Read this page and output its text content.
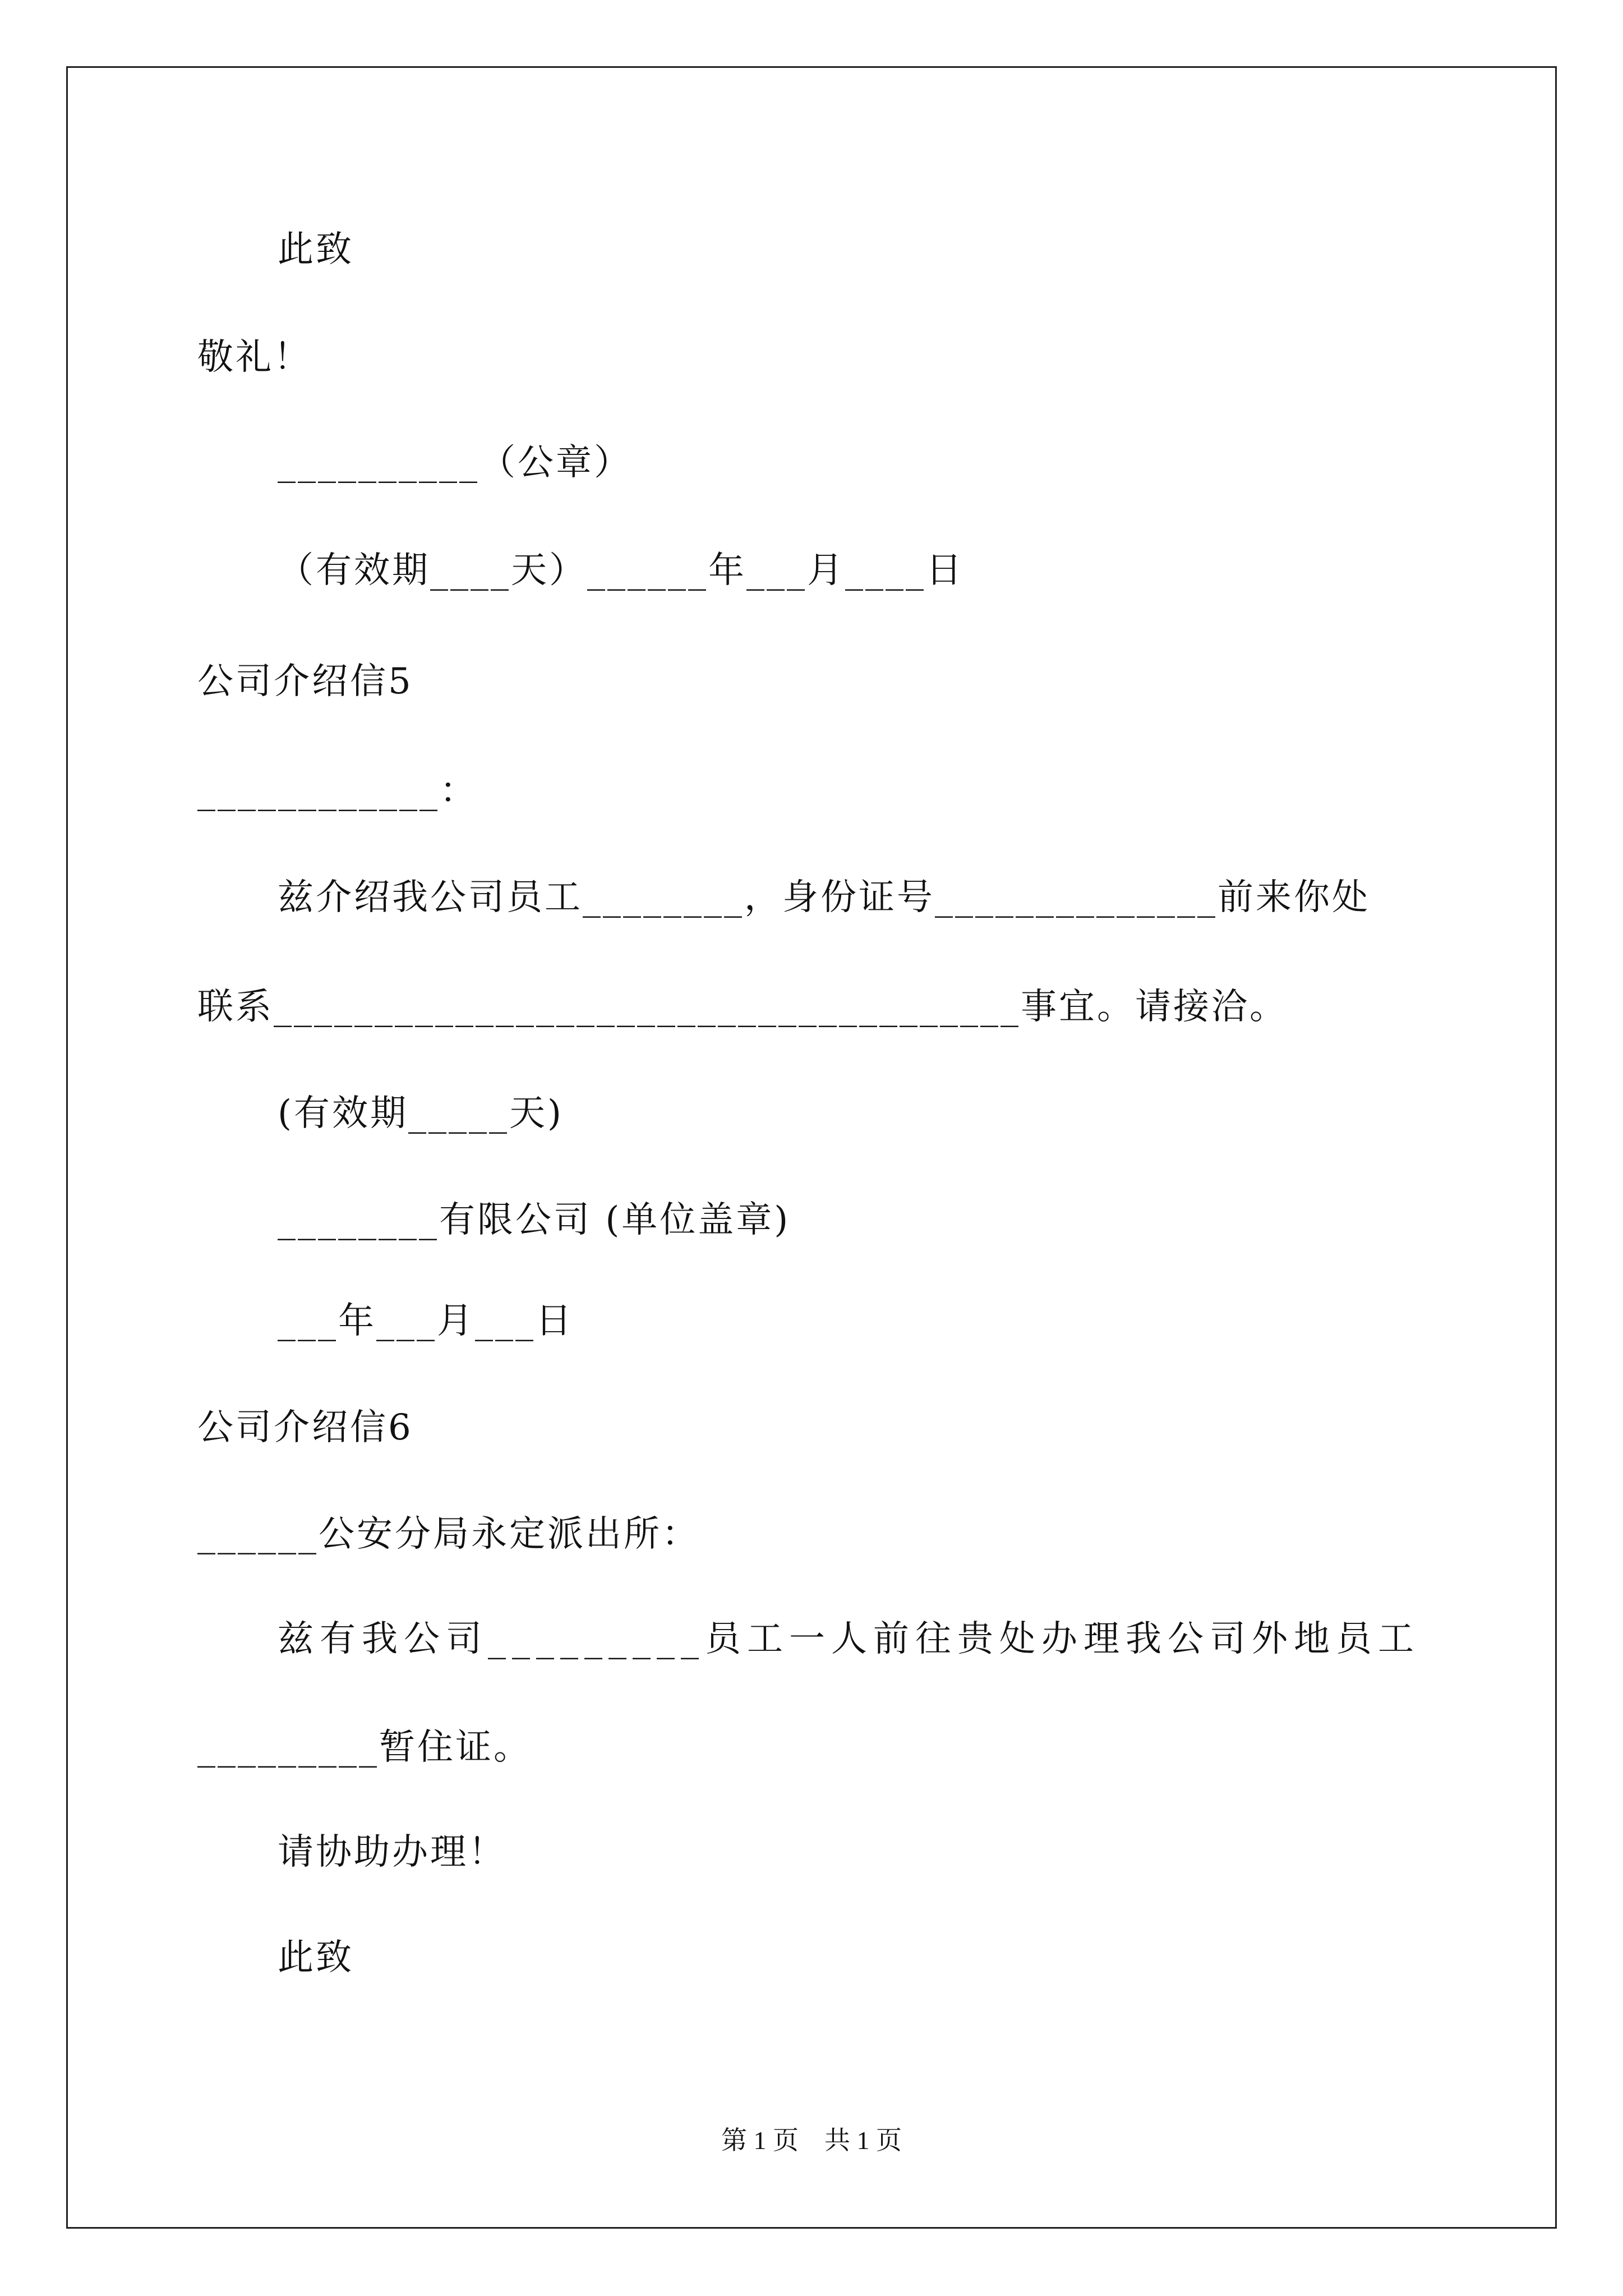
此致
敬礼！
__________（公章）
（有效期____天）______年___月____日
公司介绍信5
____________：
兹介绍我公司员工________，身份证号______________前来你处
联系_____________________________________事宜。请接洽。
(有效期_____天)
________有限公司 (单位盖章)
___年___月___日
公司介绍信6
______公安分局永定派出所：
兹有我公司_________员工一人前往贵处办理我公司外地员工
_________暂住证。
请协助办理！
此致
第 1 页    共 1 页
